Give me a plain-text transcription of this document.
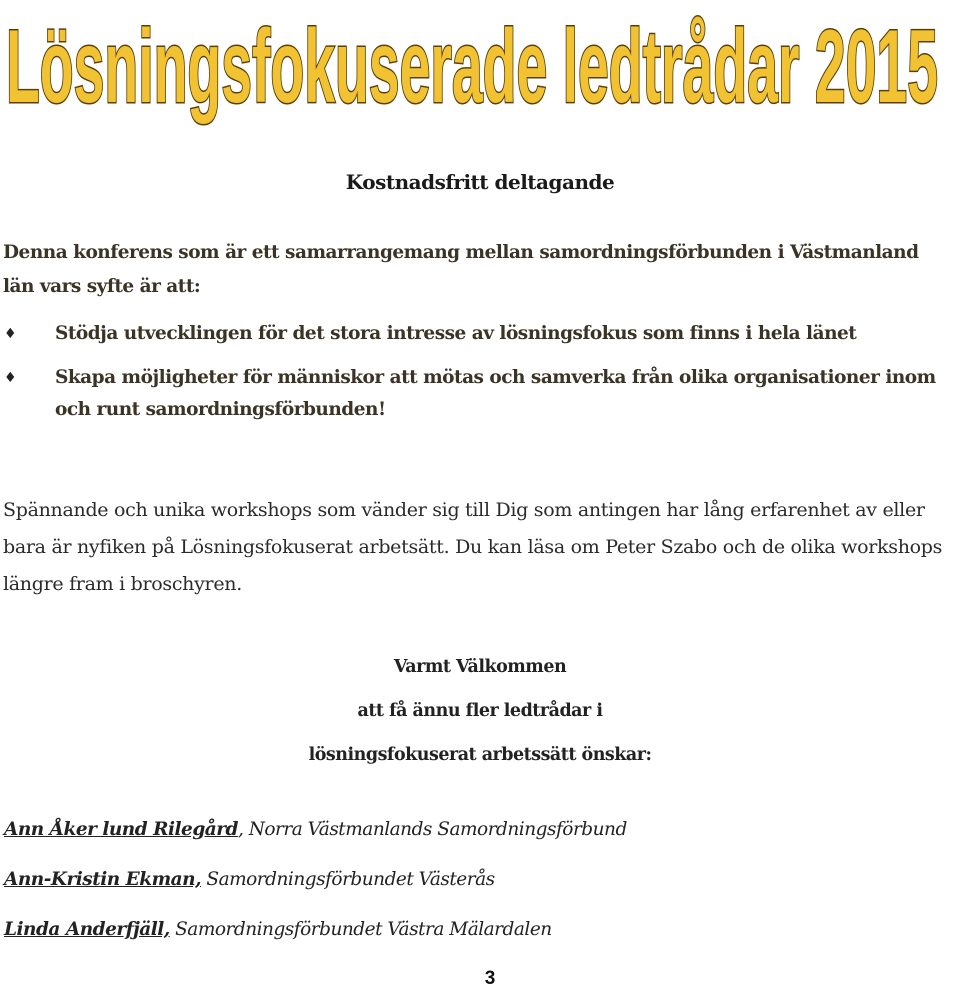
Lösningsfokuserade ledtrådar 2015
Kostnadsfritt deltagande
Denna konferens som är ett samarrangemang mellan samordningsförbunden i Västmanland län vars syfte är att:
♦ Stödja utvecklingen för det stora intresse av lösningsfokus som finns i hela länet
♦ Skapa möjligheter för människor att mötas och samverka från olika organisationer inom och runt samordningsförbunden!
Spännande och unika workshops som vänder sig till Dig som antingen har lång erfarenhet av eller bara är nyfiken på Lösningsfokuserat arbetsätt. Du kan läsa om Peter Szabo och de olika workshops längre fram i broschyren.
Varmt Välkommen
att få ännu fler ledtrådar i
lösningsfokuserat arbetssätt önskar:
Ann Åker lund Rilegård, Norra Västmanlands Samordningsförbund
Ann-Kristin Ekman, Samordningsförbundet Västerås
Linda Anderfjäll, Samordningsförbundet Västra Mälardalen
3
